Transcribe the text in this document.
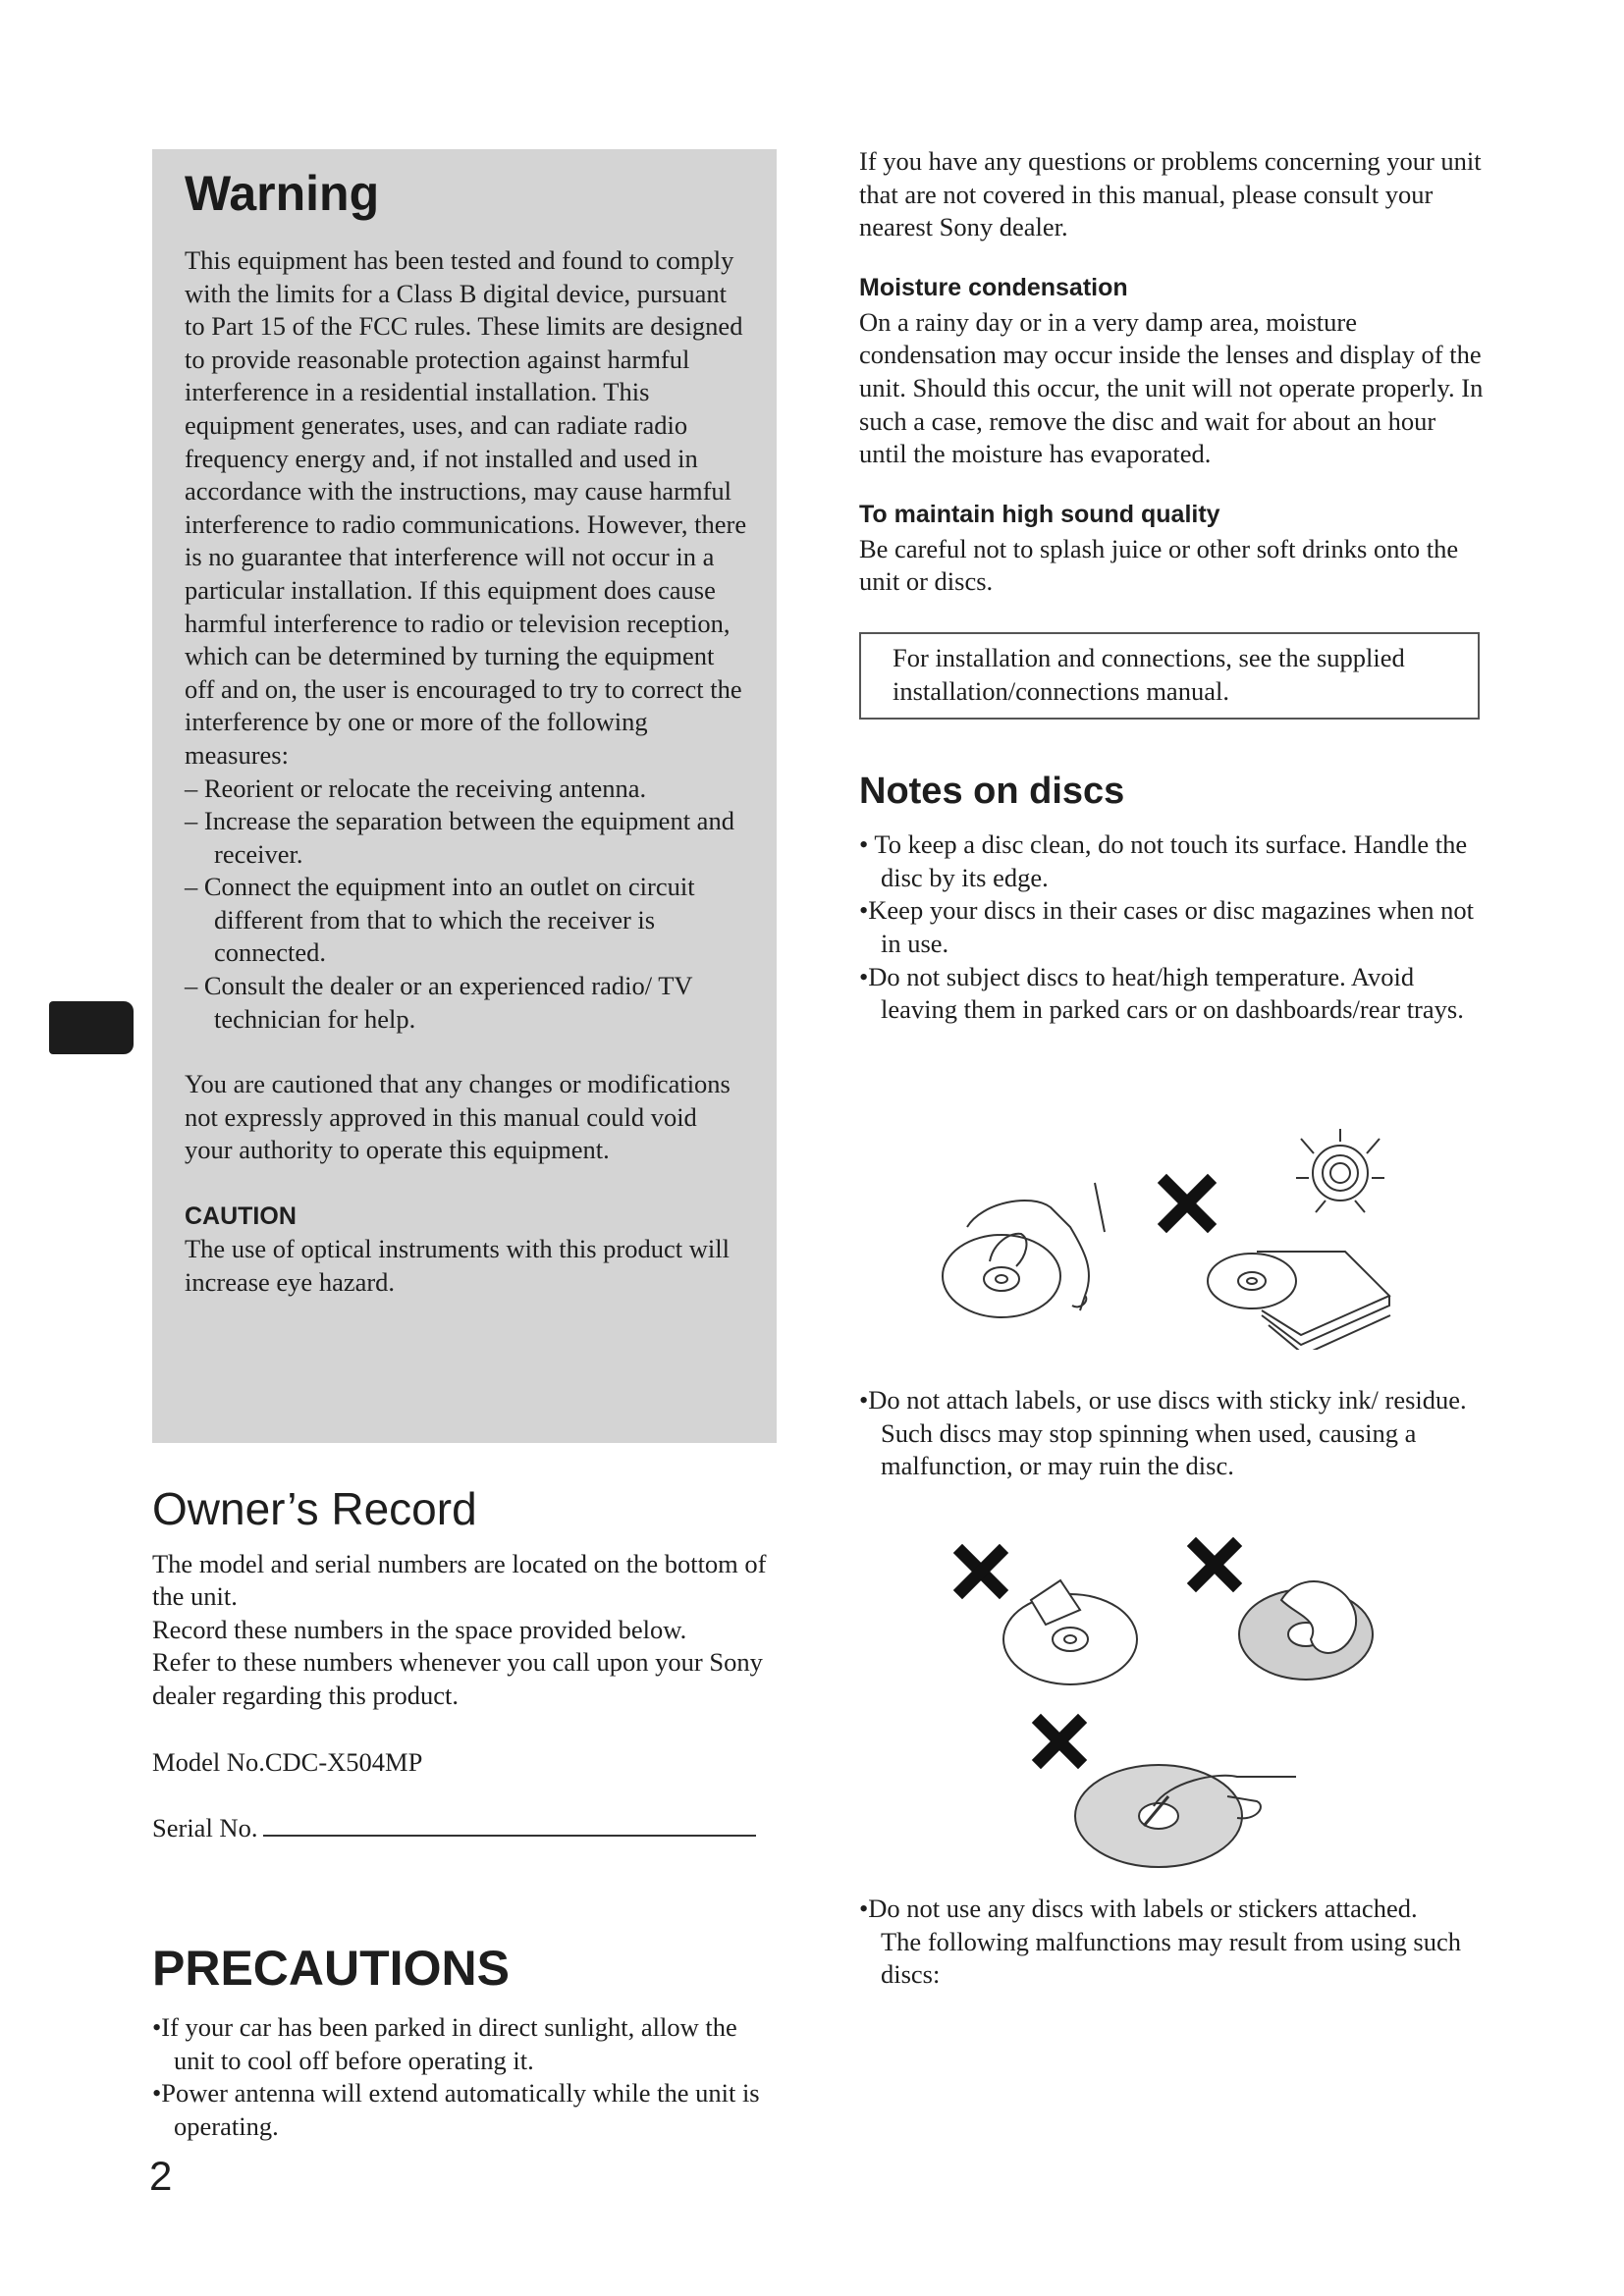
Warning

This equipment has been tested and found to comply with the limits for a Class B digital device, pursuant to Part 15 of the FCC rules. These limits are designed to provide reasonable protection against harmful interference in a residential installation. This equipment generates, uses, and can radiate radio frequency energy and, if not installed and used in accordance with the instructions, may cause harmful interference to radio communications. However, there is no guarantee that interference will not occur in a particular installation. If this equipment does cause harmful interference to radio or television reception, which can be determined by turning the equipment off and on, the user is encouraged to try to correct the interference by one or more of the following measures:

– Reorient or relocate the receiving antenna.
– Increase the separation between the equipment and receiver.
– Connect the equipment into an outlet on circuit different from that to which the receiver is connected.
– Consult the dealer or an experienced radio/ TV technician for help.

You are cautioned that any changes or modifications not expressly approved in this manual could void your authority to operate this equipment.

CAUTION

The use of optical instruments with this product will increase eye hazard.

Owner’s Record

The model and serial numbers are located on the bottom of the unit.

Record these numbers in the space provided below.

Refer to these numbers whenever you call upon your Sony dealer regarding this product.

Model No.CDC-X504MP

Serial No.

PRECAUTIONS
•If your car has been parked in direct sunlight, allow the unit to cool off before operating it.
•Power antenna will extend automatically while the unit is operating.
2

If you have any questions or problems concerning your unit that are not covered in this manual, please consult your nearest Sony dealer.

Moisture condensation

On a rainy day or in a very damp area, moisture condensation may occur inside the lenses and display of the unit. Should this occur, the unit will not operate properly. In such a case, remove the disc and wait for about an hour until the moisture has evaporated.

To maintain high sound quality

Be careful not to splash juice or other soft drinks onto the unit or discs.

For installation and connections, see the supplied installation/connections manual.

Notes on discs
• To keep a disc clean, do not touch its surface. Handle the disc by its edge.
•Keep your discs in their cases or disc magazines when not in use.
•Do not subject discs to heat/high temperature. Avoid leaving them in parked cars or on dashboards/rear trays.
•Do not attach labels, or use discs with sticky ink/ residue. Such discs may stop spinning when used, causing a malfunction, or may ruin the disc.
•Do not use any discs with labels or stickers attached.

The following malfunctions may result from using such discs:
